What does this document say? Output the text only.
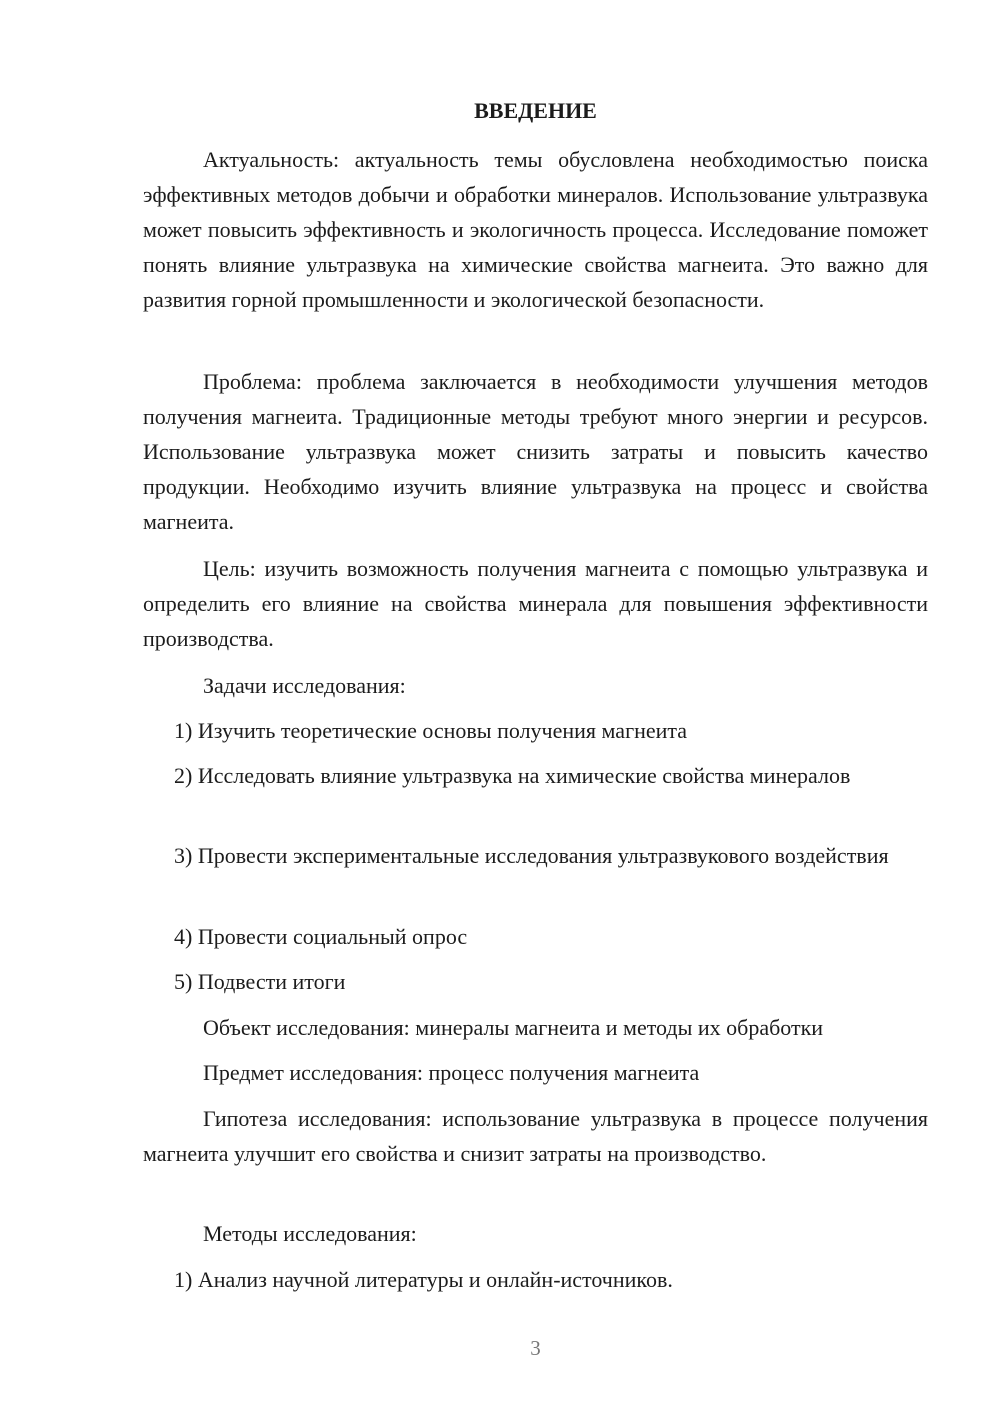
ВВЕДЕНИЕ

Актуальность: актуальность темы обусловлена необходимостью поиска эффективных методов добычи и обработки минералов. Использование ультразвука может повысить эффективность и экологичность процесса. Исследование поможет понять влияние ультразвука на химические свойства магнеита. Это важно для развития горной промышленности и экологической безопасности.

Проблема: проблема заключается в необходимости улучшения методов получения магнеита. Традиционные методы требуют много энергии и ресурсов. Использование ультразвука может снизить затраты и повысить качество продукции. Необходимо изучить влияние ультразвука на процесс и свойства магнеита.

Цель: изучить возможность получения магнеита с помощью ультразвука и определить его влияние на свойства минерала для повышения эффективности производства.

Задачи исследования:

1) Изучить теоретические основы получения магнеита

2) Исследовать влияние ультразвука на химические свойства минералов

3) Провести экспериментальные исследования ультразвукового воздействия

4) Провести социальный опрос

5) Подвести итоги

Объект исследования: минералы магнеита и методы их обработки

Предмет исследования: процесс получения магнеита

Гипотеза исследования: использование ультразвука в процессе получения магнеита улучшит его свойства и снизит затраты на производство.

Методы исследования:

1) Анализ научной литературы и онлайн-источников.

3
